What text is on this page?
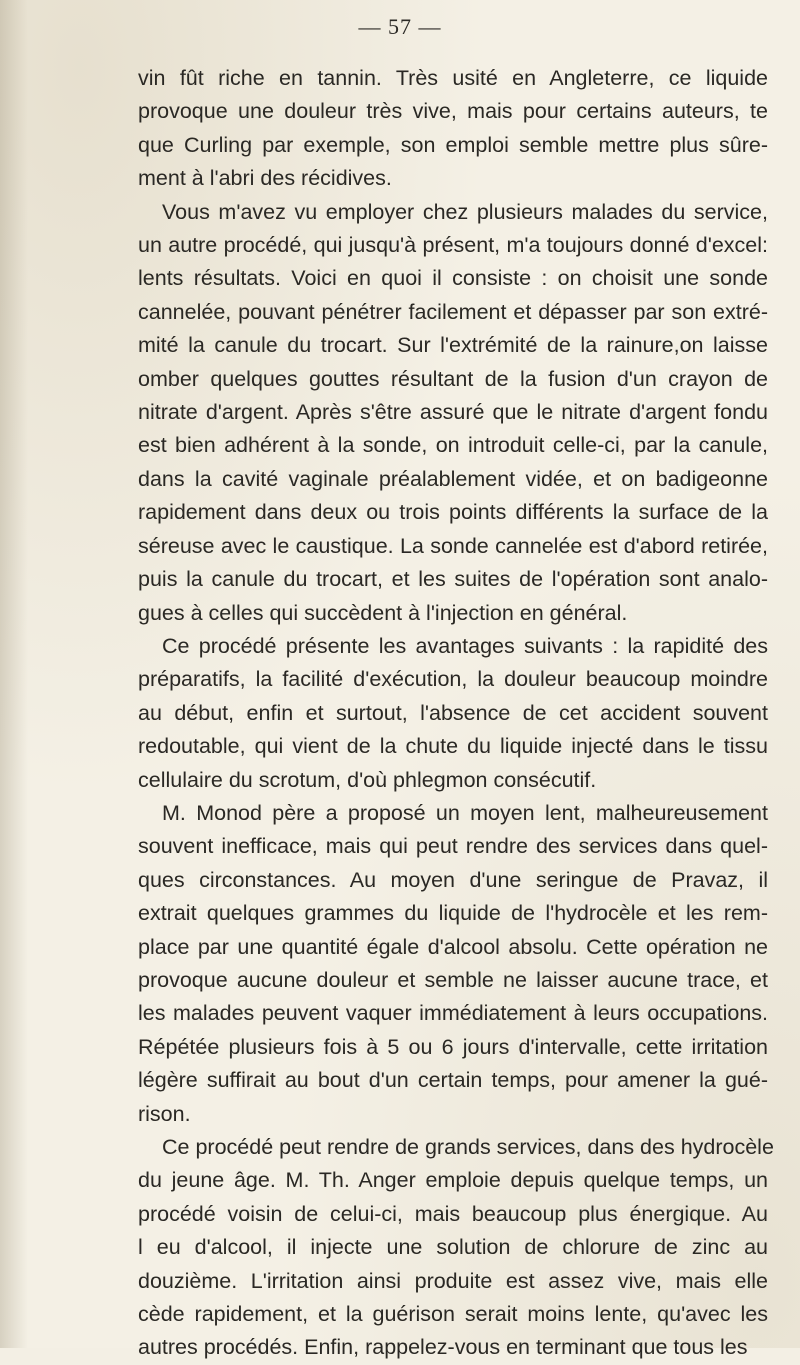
— 57 —
vin fût riche en tannin. Très usité en Angleterre, ce liquide
provoque une douleur très vive, mais pour certains auteurs, te
que Curling par exemple, son emploi semble mettre plus sûre-
ment à l'abri des récidives.
Vous m'avez vu employer chez plusieurs malades du service,
un autre procédé, qui jusqu'à présent, m'a toujours donné d'excel:
lents résultats. Voici en quoi il consiste : on choisit une sonde
cannelée, pouvant pénétrer facilement et dépasser par son extré-
mité la canule du trocart. Sur l'extrémité de la rainure,on laisse
omber quelques gouttes résultant de la fusion d'un crayon de
nitrate d'argent. Après s'être assuré que le nitrate d'argent fondu
est bien adhérent à la sonde, on introduit celle-ci, par la canule,
dans la cavité vaginale préalablement vidée, et on badigeonne
rapidement dans deux ou trois points différents la surface de la
séreuse avec le caustique. La sonde cannelée est d'abord retirée,
puis la canule du trocart, et les suites de l'opération sont analo-
gues à celles qui succèdent à l'injection en général.
Ce procédé présente les avantages suivants : la rapidité des
préparatifs, la facilité d'exécution, la douleur beaucoup moindre
au début, enfin et surtout, l'absence de cet accident souvent
redoutable, qui vient de la chute du liquide injecté dans le tissu
cellulaire du scrotum, d'où phlegmon consécutif.
M. Monod père a proposé un moyen lent, malheureusement
souvent inefficace, mais qui peut rendre des services dans quel-
ques circonstances. Au moyen d'une seringue de Pravaz, il
extrait quelques grammes du liquide de l'hydrocèle et les rem-
place par une quantité égale d'alcool absolu. Cette opération ne
provoque aucune douleur et semble ne laisser aucune trace, et
les malades peuvent vaquer immédiatement à leurs occupations.
Répétée plusieurs fois à 5 ou 6 jours d'intervalle, cette irritation
légère suffirait au bout d'un certain temps, pour amener la gué-
rison.
Ce procédé peut rendre de grands services, dans des hydrocèle
du jeune âge. M. Th. Anger emploie depuis quelque temps, un
procédé voisin de celui-ci, mais beaucoup plus énergique. Au
l eu d'alcool, il injecte une solution de chlorure de zinc au
douzième. L'irritation ainsi produite est assez vive, mais elle
cède rapidement, et la guérison serait moins lente, qu'avec les
autres procédés. Enfin, rappelez-vous en terminant que tous les
